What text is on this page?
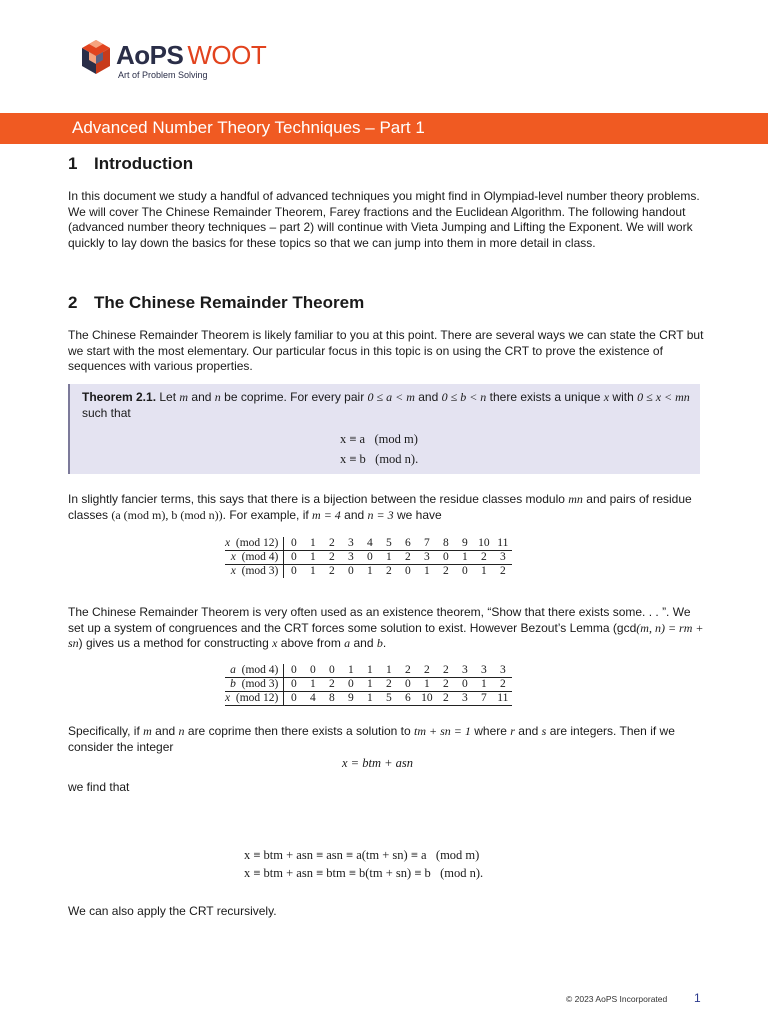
AoPS WOOT
Art of Problem Solving
Advanced Number Theory Techniques – Part 1
1 Introduction
In this document we study a handful of advanced techniques you might find in Olympiad-level number theory problems. We will cover The Chinese Remainder Theorem, Farey fractions and the Euclidean Algorithm. The following handout (advanced number theory techniques – part 2) will continue with Vieta Jumping and Lifting the Exponent. We will work quickly to lay down the basics for these topics so that we can jump into them in more detail in class.
2 The Chinese Remainder Theorem
The Chinese Remainder Theorem is likely familiar to you at this point. There are several ways we can state the CRT but we start with the most elementary. Our particular focus in this topic is on using the CRT to prove the existence of sequences with various properties.
Theorem 2.1. Let m and n be coprime. For every pair 0 ≤ a < m and 0 ≤ b < n there exists a unique x with 0 ≤ x < mn such that
x ≡ a   (mod m)
x ≡ b   (mod n).
In slightly fancier terms, this says that there is a bijection between the residue classes modulo mn and pairs of residue classes (a (mod m), b (mod n)). For example, if m = 4 and n = 3 we have
x (mod 12)	0	1	2	3	4	5	6	7	8	9	10	11
x (mod 4)	0	1	2	3	0	1	2	3	0	1	2	3
x (mod 3)	0	1	2	0	1	2	0	1	2	0	1	2
The Chinese Remainder Theorem is very often used as an existence theorem, “Show that there exists some. . . ”. We set up a system of congruences and the CRT forces some solution to exist. However Bezout’s Lemma (gcd(m, n) = rm + sn) gives us a method for constructing x above from a and b.
a (mod 4)	0	0	0	1	1	1	2	2	2	3	3	3
b (mod 3)	0	1	2	0	1	2	0	1	2	0	1	2
x (mod 12)	0	4	8	9	1	5	6	10	2	3	7	11
Specifically, if m and n are coprime then there exists a solution to tm + sn = 1 where r and s are integers. Then if we consider the integer
x = btm + asn
we find that
x ≡ btm + asn ≡ asn ≡ a(tm + sn) ≡ a   (mod m)
x ≡ btm + asn ≡ btm ≡ b(tm + sn) ≡ b   (mod n).
We can also apply the CRT recursively.
© 2023 AoPS Incorporated 1
